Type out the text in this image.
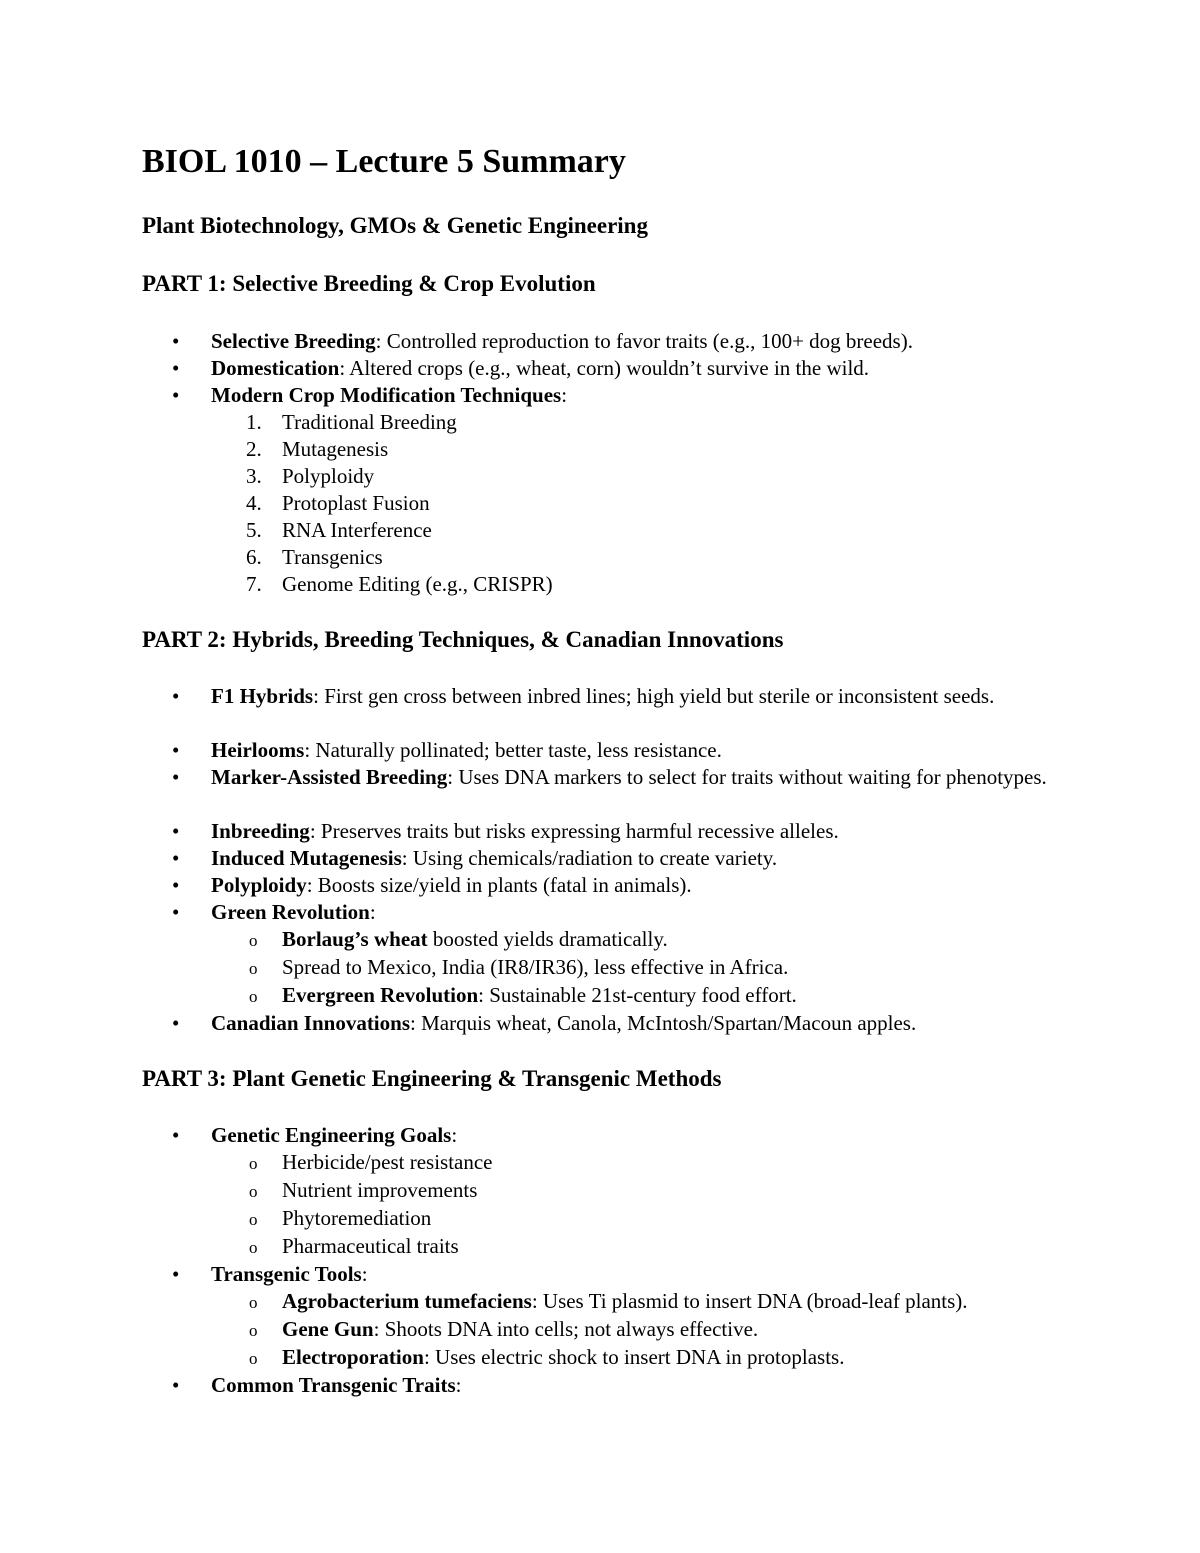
BIOL 1010 – Lecture 5 Summary
Plant Biotechnology, GMOs & Genetic Engineering
PART 1: Selective Breeding & Crop Evolution
• Selective Breeding: Controlled reproduction to favor traits (e.g., 100+ dog breeds).
• Domestication: Altered crops (e.g., wheat, corn) wouldn’t survive in the wild.
• Modern Crop Modification Techniques:
1. Traditional Breeding
2. Mutagenesis
3. Polyploidy
4. Protoplast Fusion
5. RNA Interference
6. Transgenics
7. Genome Editing (e.g., CRISPR)
PART 2: Hybrids, Breeding Techniques, & Canadian Innovations
• F1 Hybrids: First gen cross between inbred lines; high yield but sterile or inconsistent seeds.
• Heirlooms: Naturally pollinated; better taste, less resistance.
• Marker-Assisted Breeding: Uses DNA markers to select for traits without waiting for phenotypes.
• Inbreeding: Preserves traits but risks expressing harmful recessive alleles.
• Induced Mutagenesis: Using chemicals/radiation to create variety.
• Polyploidy: Boosts size/yield in plants (fatal in animals).
• Green Revolution:
o Borlaug’s wheat boosted yields dramatically.
o Spread to Mexico, India (IR8/IR36), less effective in Africa.
o Evergreen Revolution: Sustainable 21st-century food effort.
• Canadian Innovations: Marquis wheat, Canola, McIntosh/Spartan/Macoun apples.
PART 3: Plant Genetic Engineering & Transgenic Methods
• Genetic Engineering Goals:
o Herbicide/pest resistance
o Nutrient improvements
o Phytoremediation
o Pharmaceutical traits
• Transgenic Tools:
o Agrobacterium tumefaciens: Uses Ti plasmid to insert DNA (broad-leaf plants).
o Gene Gun: Shoots DNA into cells; not always effective.
o Electroporation: Uses electric shock to insert DNA in protoplasts.
• Common Transgenic Traits:
